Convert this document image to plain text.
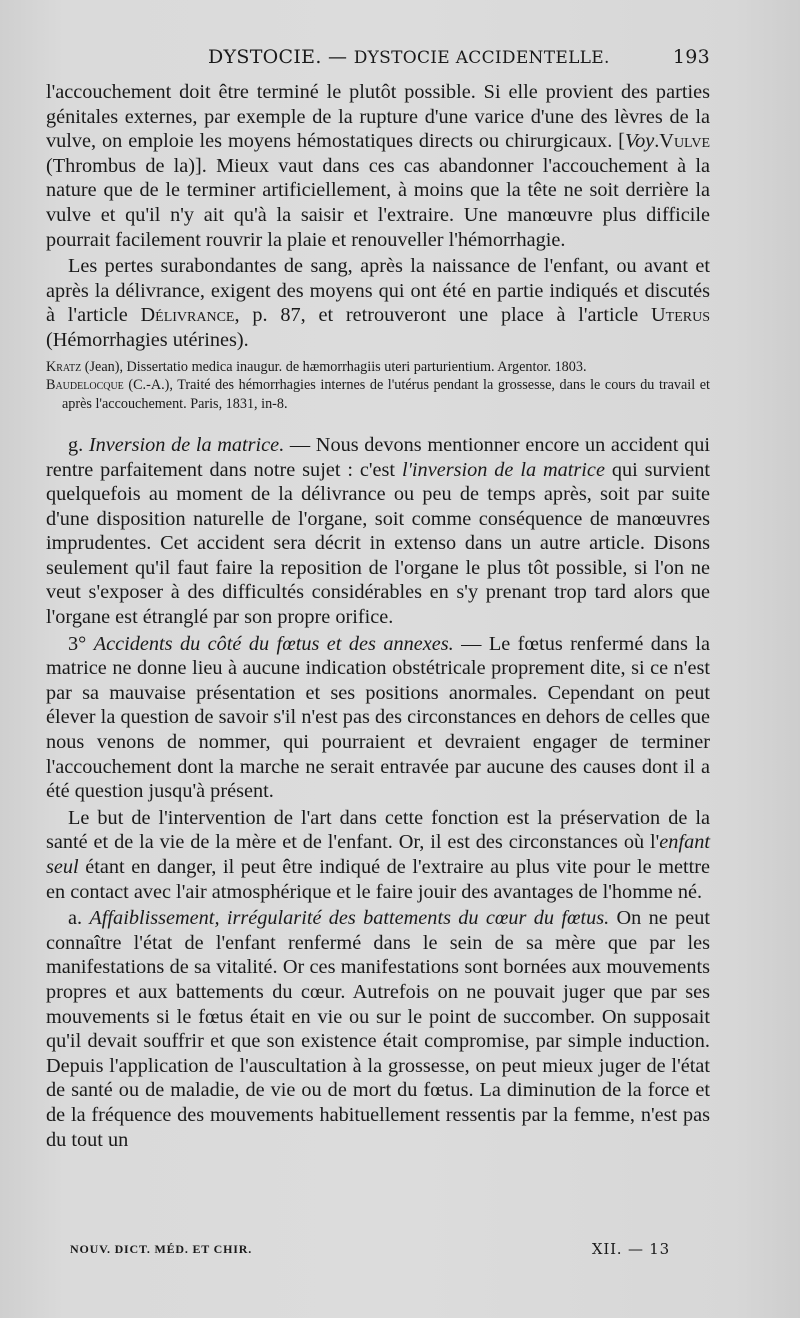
DYSTOCIE. — DYSTOCIE ACCIDENTELLE.	193

l'accouchement doit être terminé le plutôt possible. Si elle provient des parties génitales externes, par exemple de la rupture d'une varice d'une des lèvres de la vulve, on emploie les moyens hémostatiques directs ou chirurgicaux. [Voy.Vulve (Thrombus de la)]. Mieux vaut dans ces cas abandonner l'accouchement à la nature que de le terminer artificiellement, à moins que la tête ne soit derrière la vulve et qu'il n'y ait qu'à la saisir et l'extraire. Une manœuvre plus difficile pourrait facilement rouvrir la plaie et renouveller l'hémorrhagie.

Les pertes surabondantes de sang, après la naissance de l'enfant, ou avant et après la délivrance, exigent des moyens qui ont été en partie indiqués et discutés à l'article Délivrance, p. 87, et retrouveront une place à l'article Uterus (Hémorrhagies utérines).

Kratz (Jean), Dissertatio medica inaugur. de hæmorrhagiis uteri parturientium. Argentor. 1803.

Baudelocque (C.-A.), Traité des hémorrhagies internes de l'utérus pendant la grossesse, dans le cours du travail et après l'accouchement. Paris, 1831, in-8.

g. Inversion de la matrice. — Nous devons mentionner encore un accident qui rentre parfaitement dans notre sujet : c'est l'inversion de la matrice qui survient quelquefois au moment de la délivrance ou peu de temps après, soit par suite d'une disposition naturelle de l'organe, soit comme conséquence de manœuvres imprudentes. Cet accident sera décrit in extenso dans un autre article. Disons seulement qu'il faut faire la reposition de l'organe le plus tôt possible, si l'on ne veut s'exposer à des difficultés considérables en s'y prenant trop tard alors que l'organe est étranglé par son propre orifice.

3° Accidents du côté du fœtus et des annexes. — Le fœtus renfermé dans la matrice ne donne lieu à aucune indication obstétricale proprement dite, si ce n'est par sa mauvaise présentation et ses positions anormales. Cependant on peut élever la question de savoir s'il n'est pas des circonstances en dehors de celles que nous venons de nommer, qui pourraient et devraient engager de terminer l'accouchement dont la marche ne serait entravée par aucune des causes dont il a été question jusqu'à présent.

Le but de l'intervention de l'art dans cette fonction est la préservation de la santé et de la vie de la mère et de l'enfant. Or, il est des circonstances où l'enfant seul étant en danger, il peut être indiqué de l'extraire au plus vite pour le mettre en contact avec l'air atmosphérique et le faire jouir des avantages de l'homme né.

a. Affaiblissement, irrégularité des battements du cœur du fœtus. On ne peut connaître l'état de l'enfant renfermé dans le sein de sa mère que par les manifestations de sa vitalité. Or ces manifestations sont bornées aux mouvements propres et aux battements du cœur. Autrefois on ne pouvait juger que par ses mouvements si le fœtus était en vie ou sur le point de succomber. On supposait qu'il devait souffrir et que son existence était compromise, par simple induction. Depuis l'application de l'auscultation à la grossesse, on peut mieux juger de l'état de santé ou de maladie, de vie ou de mort du fœtus. La diminution de la force et de la fréquence des mouvements habituellement ressentis par la femme, n'est pas du tout un

NOUV. DICT. MÉD. ET CHIR.	XII. — 13
